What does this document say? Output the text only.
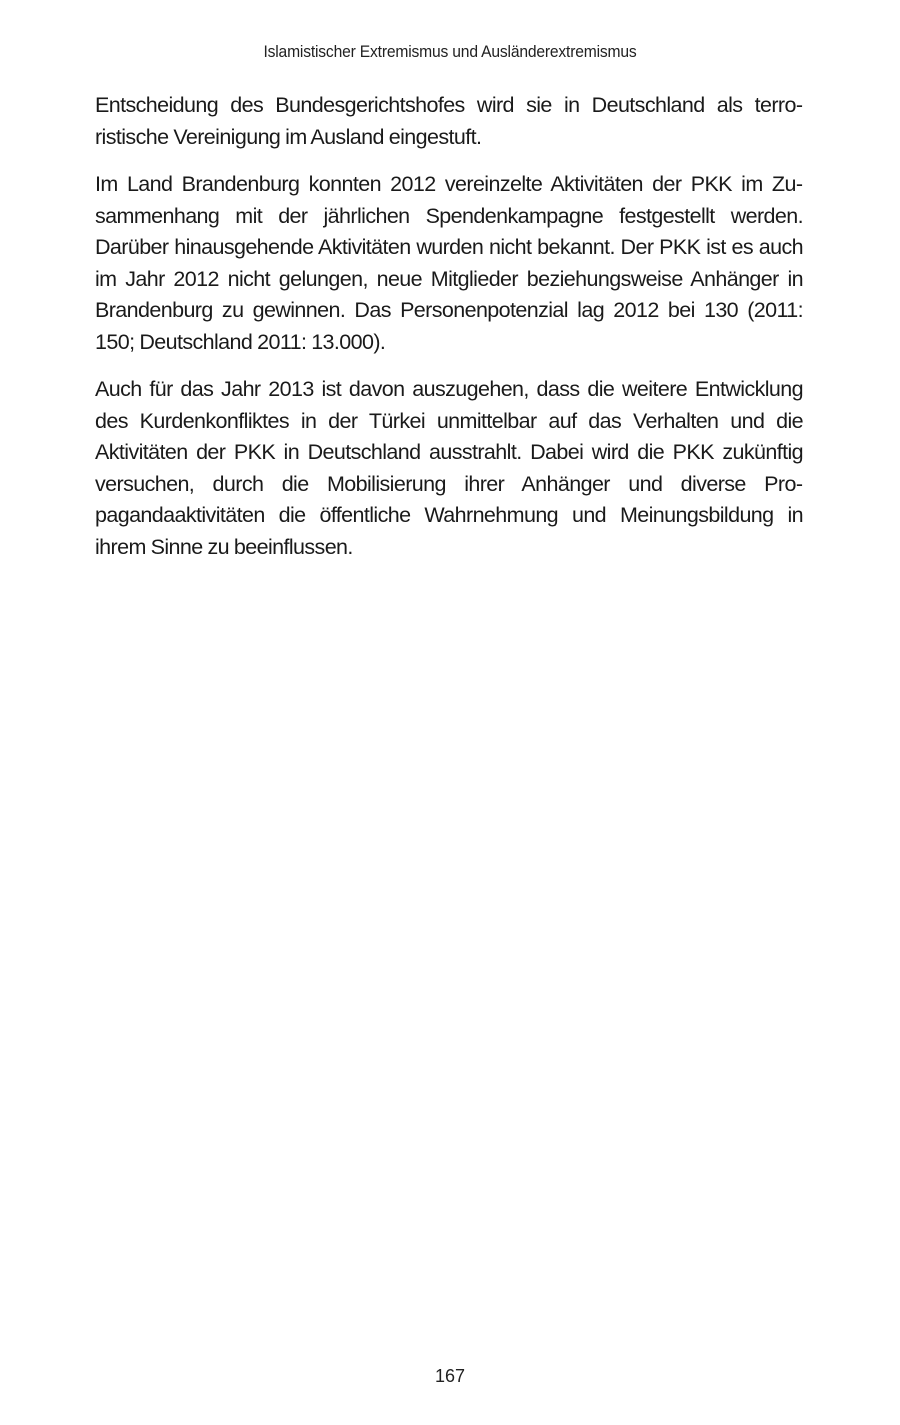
Islamistischer Extremismus und Ausländerextremismus

Entscheidung des Bundesgerichtshofes wird sie in Deutschland als terroristische Vereinigung im Ausland eingestuft.

Im Land Brandenburg konnten 2012 vereinzelte Aktivitäten der PKK im Zusammenhang mit der jährlichen Spendenkampagne festgestellt werden. Darüber hinausgehende Aktivitäten wurden nicht bekannt. Der PKK ist es auch im Jahr 2012 nicht gelungen, neue Mitglieder beziehungsweise Anhänger in Brandenburg zu gewinnen. Das Personenpotenzial lag 2012 bei 130 (2011: 150; Deutschland 2011: 13.000).

Auch für das Jahr 2013 ist davon auszugehen, dass die weitere Entwicklung des Kurdenkonfliktes in der Türkei unmittelbar auf das Verhalten und die Aktivitäten der PKK in Deutschland ausstrahlt. Dabei wird die PKK zukünftig versuchen, durch die Mobilisierung ihrer Anhänger und diverse Propagandaaktivitäten die öffentliche Wahrnehmung und Meinungsbildung in ihrem Sinne zu beeinflussen.

167
